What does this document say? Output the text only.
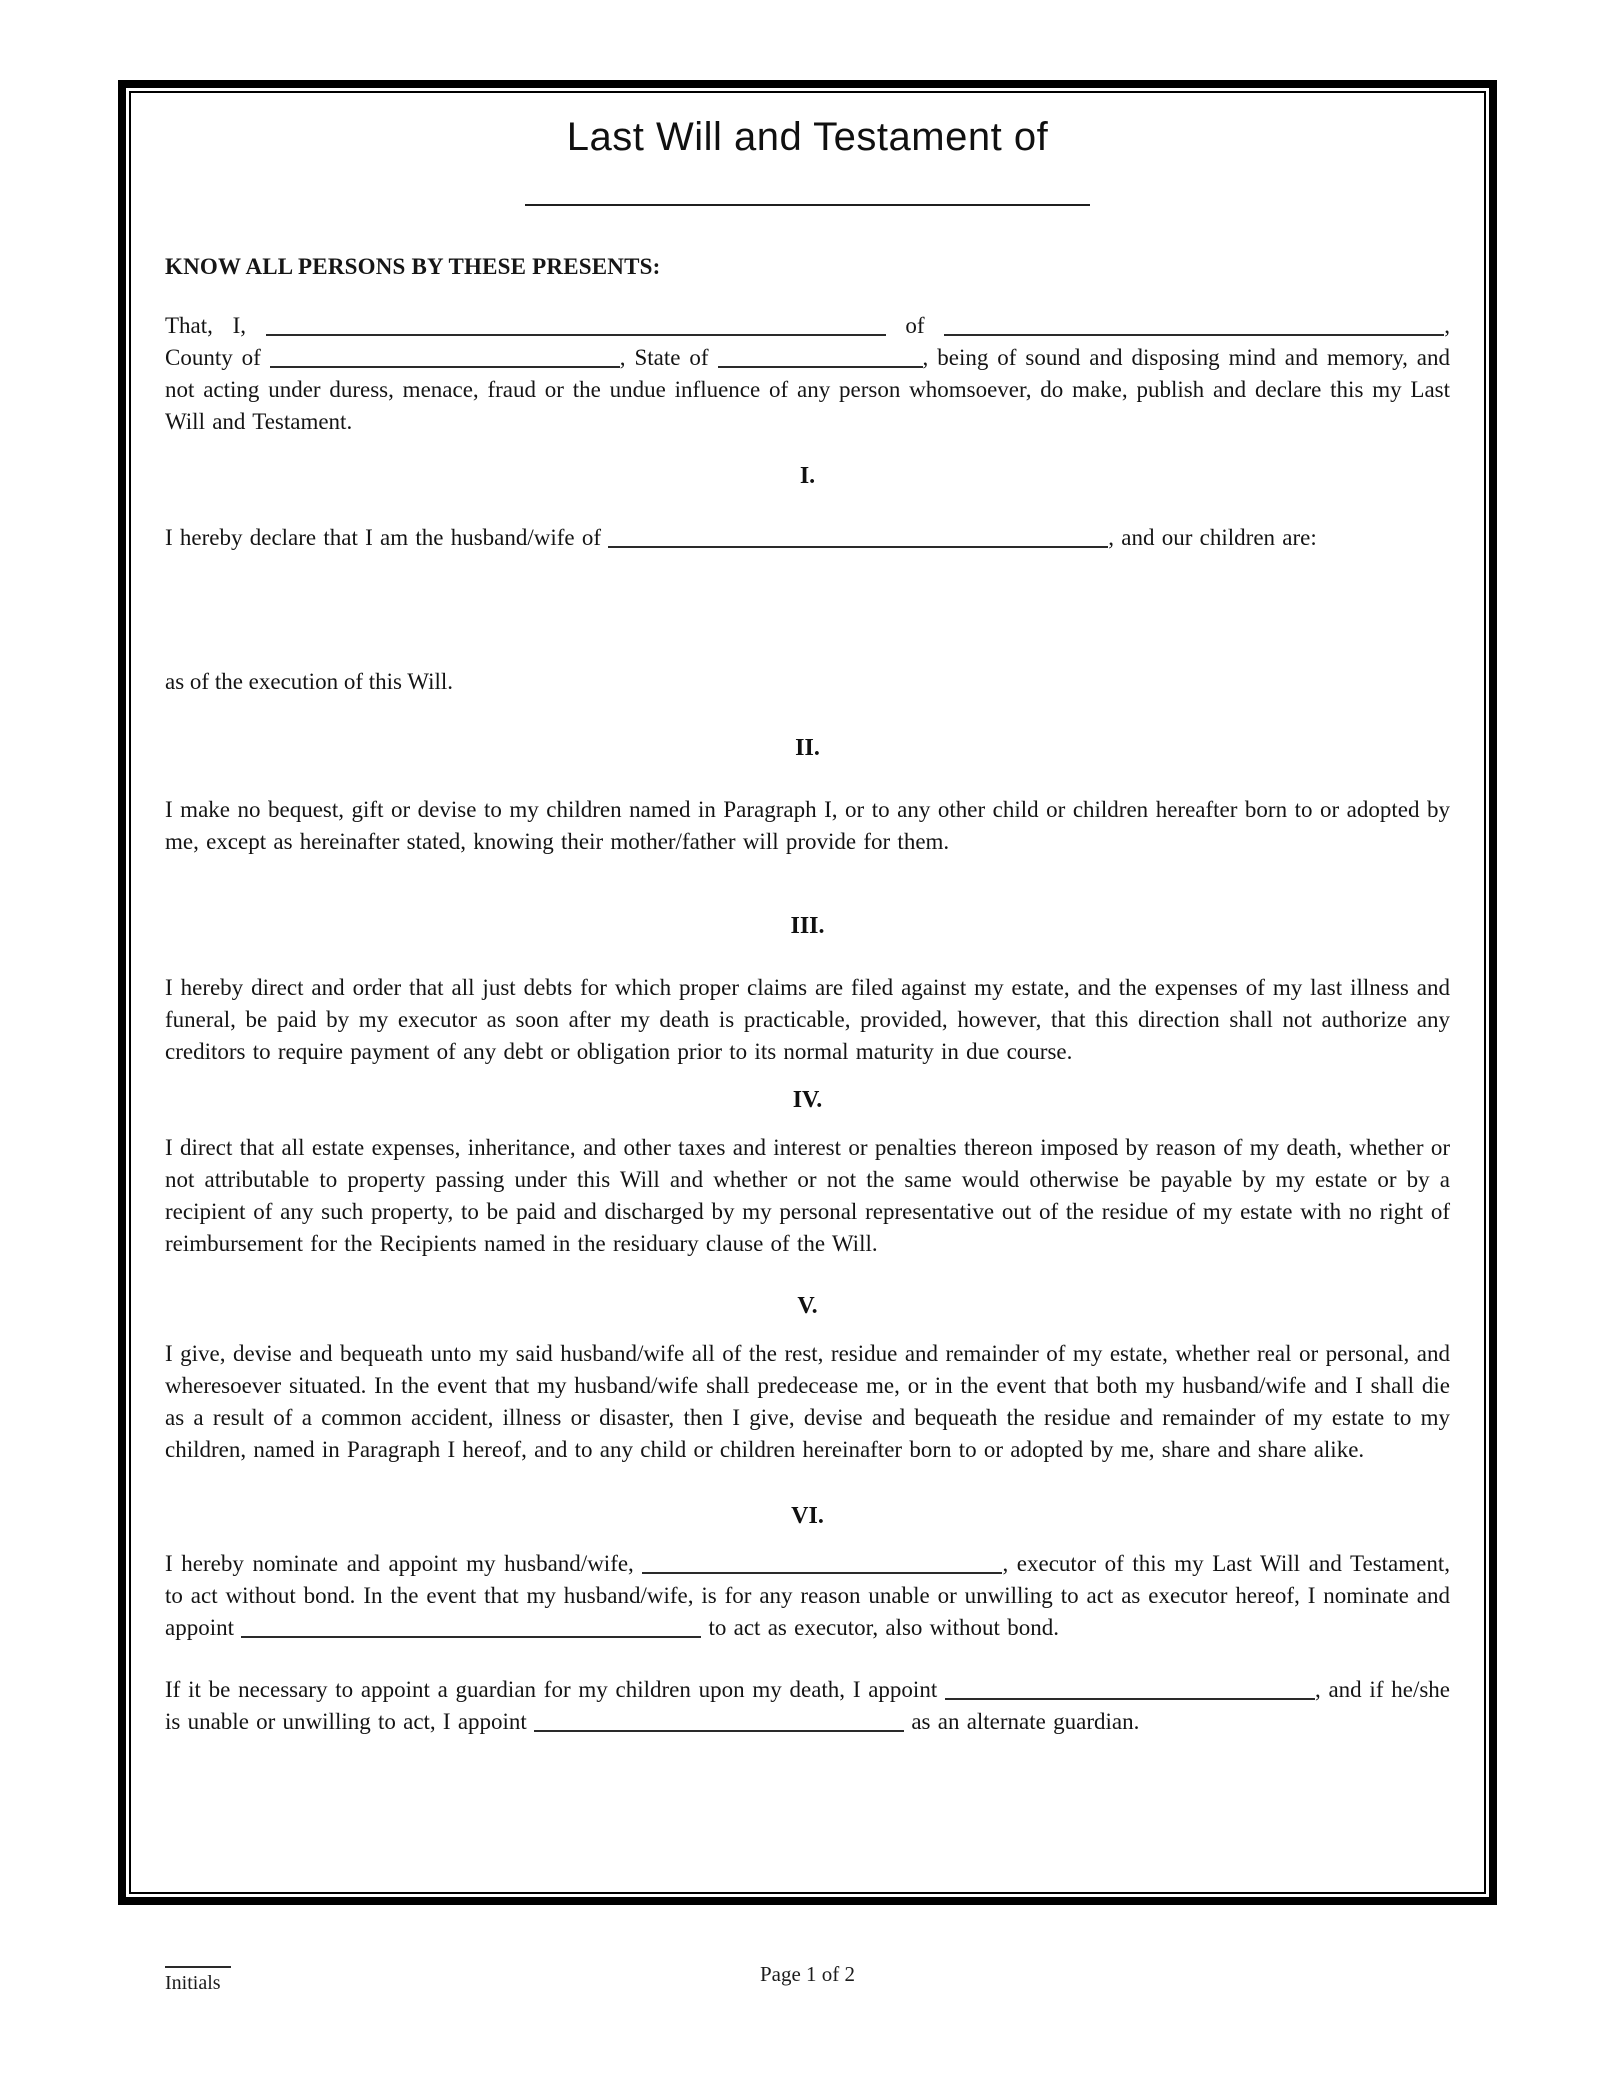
Last Will and Testament of

KNOW ALL PERSONS BY THESE PRESENTS:

That, I,	of	, County of	, State of	, being of sound and disposing mind and memory, and not acting under duress, menace, fraud or the undue influence of any person whomsoever, do make, publish and declare this my Last Will and Testament.

I.

I hereby declare that I am the husband/wife of	, and our children are:

as of the execution of this Will.

II.

I make no bequest, gift or devise to my children named in Paragraph I, or to any other child or children hereafter born to or adopted by me, except as hereinafter stated, knowing their mother/father will provide for them.

III.

I hereby direct and order that all just debts for which proper claims are filed against my estate, and the expenses of my last illness and funeral, be paid by my executor as soon after my death is practicable, provided, however, that this direction shall not authorize any creditors to require payment of any debt or obligation prior to its normal maturity in due course.

IV.

I direct that all estate expenses, inheritance, and other taxes and interest or penalties thereon imposed by reason of my death, whether or not attributable to property passing under this Will and whether or not the same would otherwise be payable by my estate or by a recipient of any such property, to be paid and discharged by my personal representative out of the residue of my estate with no right of reimbursement for the Recipients named in the residuary clause of the Will.

V.

I give, devise and bequeath unto my said husband/wife all of the rest, residue and remainder of my estate, whether real or personal, and wheresoever situated. In the event that my husband/wife shall predecease me, or in the event that both my husband/wife and I shall die as a result of a common accident, illness or disaster, then I give, devise and bequeath the residue and remainder of my estate to my children, named in Paragraph I hereof, and to any child or children hereinafter born to or adopted by me, share and share alike.

VI.

I hereby nominate and appoint my husband/wife,	, executor of this my Last Will and Testament, to act without bond. In the event that my husband/wife, is for any reason unable or unwilling to act as executor hereof, I nominate and appoint	to act as executor, also without bond.

If it be necessary to appoint a guardian for my children upon my death, I appoint	, and if he/she is unable or unwilling to act, I appoint	as an alternate guardian.

Page 1 of 2
Initials
